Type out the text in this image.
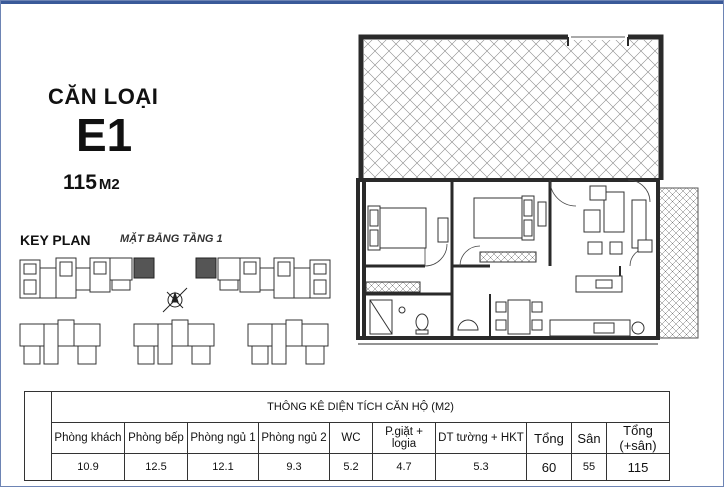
CĂN LOẠI
E1
115 M2
KEY PLAN	MẶT BẰNG TẦNG 1
	THÔNG KÊ DIỆN TÍCH CĂN HỘ (M2)									
	Phòng khách	Phòng bếp	Phòng ngủ 1	Phòng ngủ 2	WC	P.giặt + logia	DT tường + HKT	Tổng	Sân	Tổng (+sân)
	10.9	12.5	12.1	9.3	5.2	4.7	5.3	60	55	115
